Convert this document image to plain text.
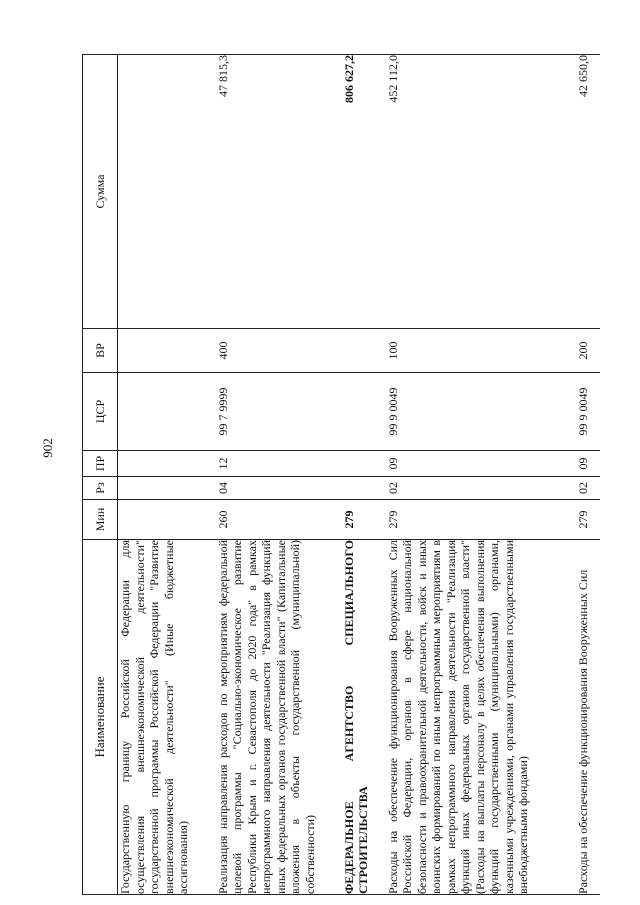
902
Наименование	Мин	Рз	ПР	ЦСР	ВР	Сумма
Государственную границу Российской Федерации для осуществления внешнеэкономической деятельности" государственной программы Российской Федерации "Развитие внешнеэкономической деятельности" (Иные бюджетные ассигнования)						
Реализация направления расходов по мероприятиям федеральной целевой программы "Социально-экономическое развитие Республики Крым и г. Севастополя до 2020 года" в рамках непрограммного направления деятельности "Реализация функций иных федеральных органов государственной власти" (Капитальные вложения в объекты государственной (муниципальной) собственности)	260	04	12	99 7 9999	400	47 815,3
ФЕДЕРАЛЬНОЕ АГЕНТСТВО СПЕЦИАЛЬНОГО СТРОИТЕЛЬСТВА	279					806 627,2
Расходы на обеспечение функционирования Вооруженных Сил Российской Федерации, органов в сфере национальной безопасности и правоохранительной деятельности, войск и иных воинских формирований по иным непрограммным мероприятиям в рамках непрограммного направления деятельности "Реализация функций иных федеральных органов государственной власти" (Расходы на выплаты персоналу в целях обеспечения выполнения функций государственными (муниципальными) органами, казенными учреждениями, органами управления государственными внебюджетными фондами)	279	02	09	99 9 0049	100	452 112,0
Расходы на обеспечение функционирования Вооруженных Сил	279	02	09	99 9 0049	200	42 650,0
